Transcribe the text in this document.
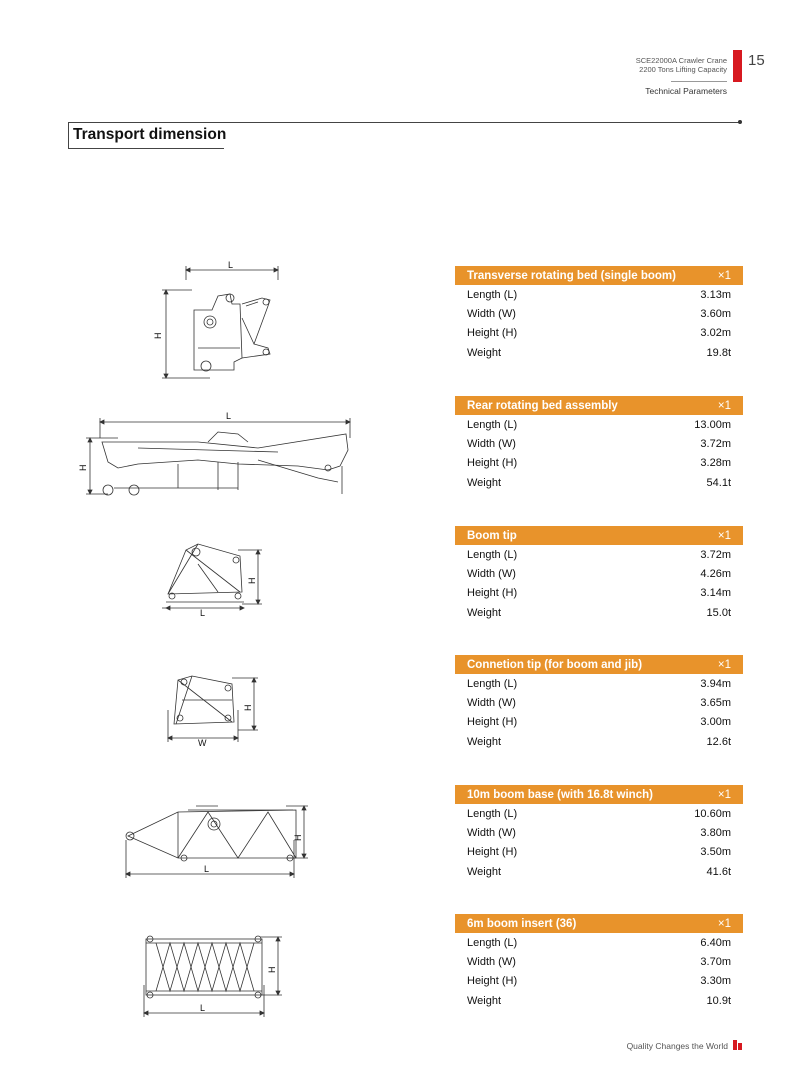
SCE22000A Crawler Crane
2200 Tons Lifting Capacity
Technical Parameters
15
Transport dimension
Transverse rotating bed (single boom)	×1
Length (L)	3.13m
Width (W)	3.60m
Height (H)	3.02m
Weight	19.8t
Rear rotating bed assembly	×1
Length (L)	13.00m
Width (W)	3.72m
Height (H)	3.28m
Weight	54.1t
Boom tip	×1
Length (L)	3.72m
Width (W)	4.26m
Height (H)	3.14m
Weight	15.0t
Connetion tip (for boom and jib)	×1
Length (L)	3.94m
Width (W)	3.65m
Height (H)	3.00m
Weight	12.6t
10m boom base (with 16.8t winch)	×1
Length (L)	10.60m
Width (W)	3.80m
Height (H)	3.50m
Weight	41.6t
6m boom insert (36)	×1
Length (L)	6.40m
Width (W)	3.70m
Height (H)	3.30m
Weight	10.9t
L
H
L
H
H
L
H
W
H
L
H
L
Quality Changes the World
